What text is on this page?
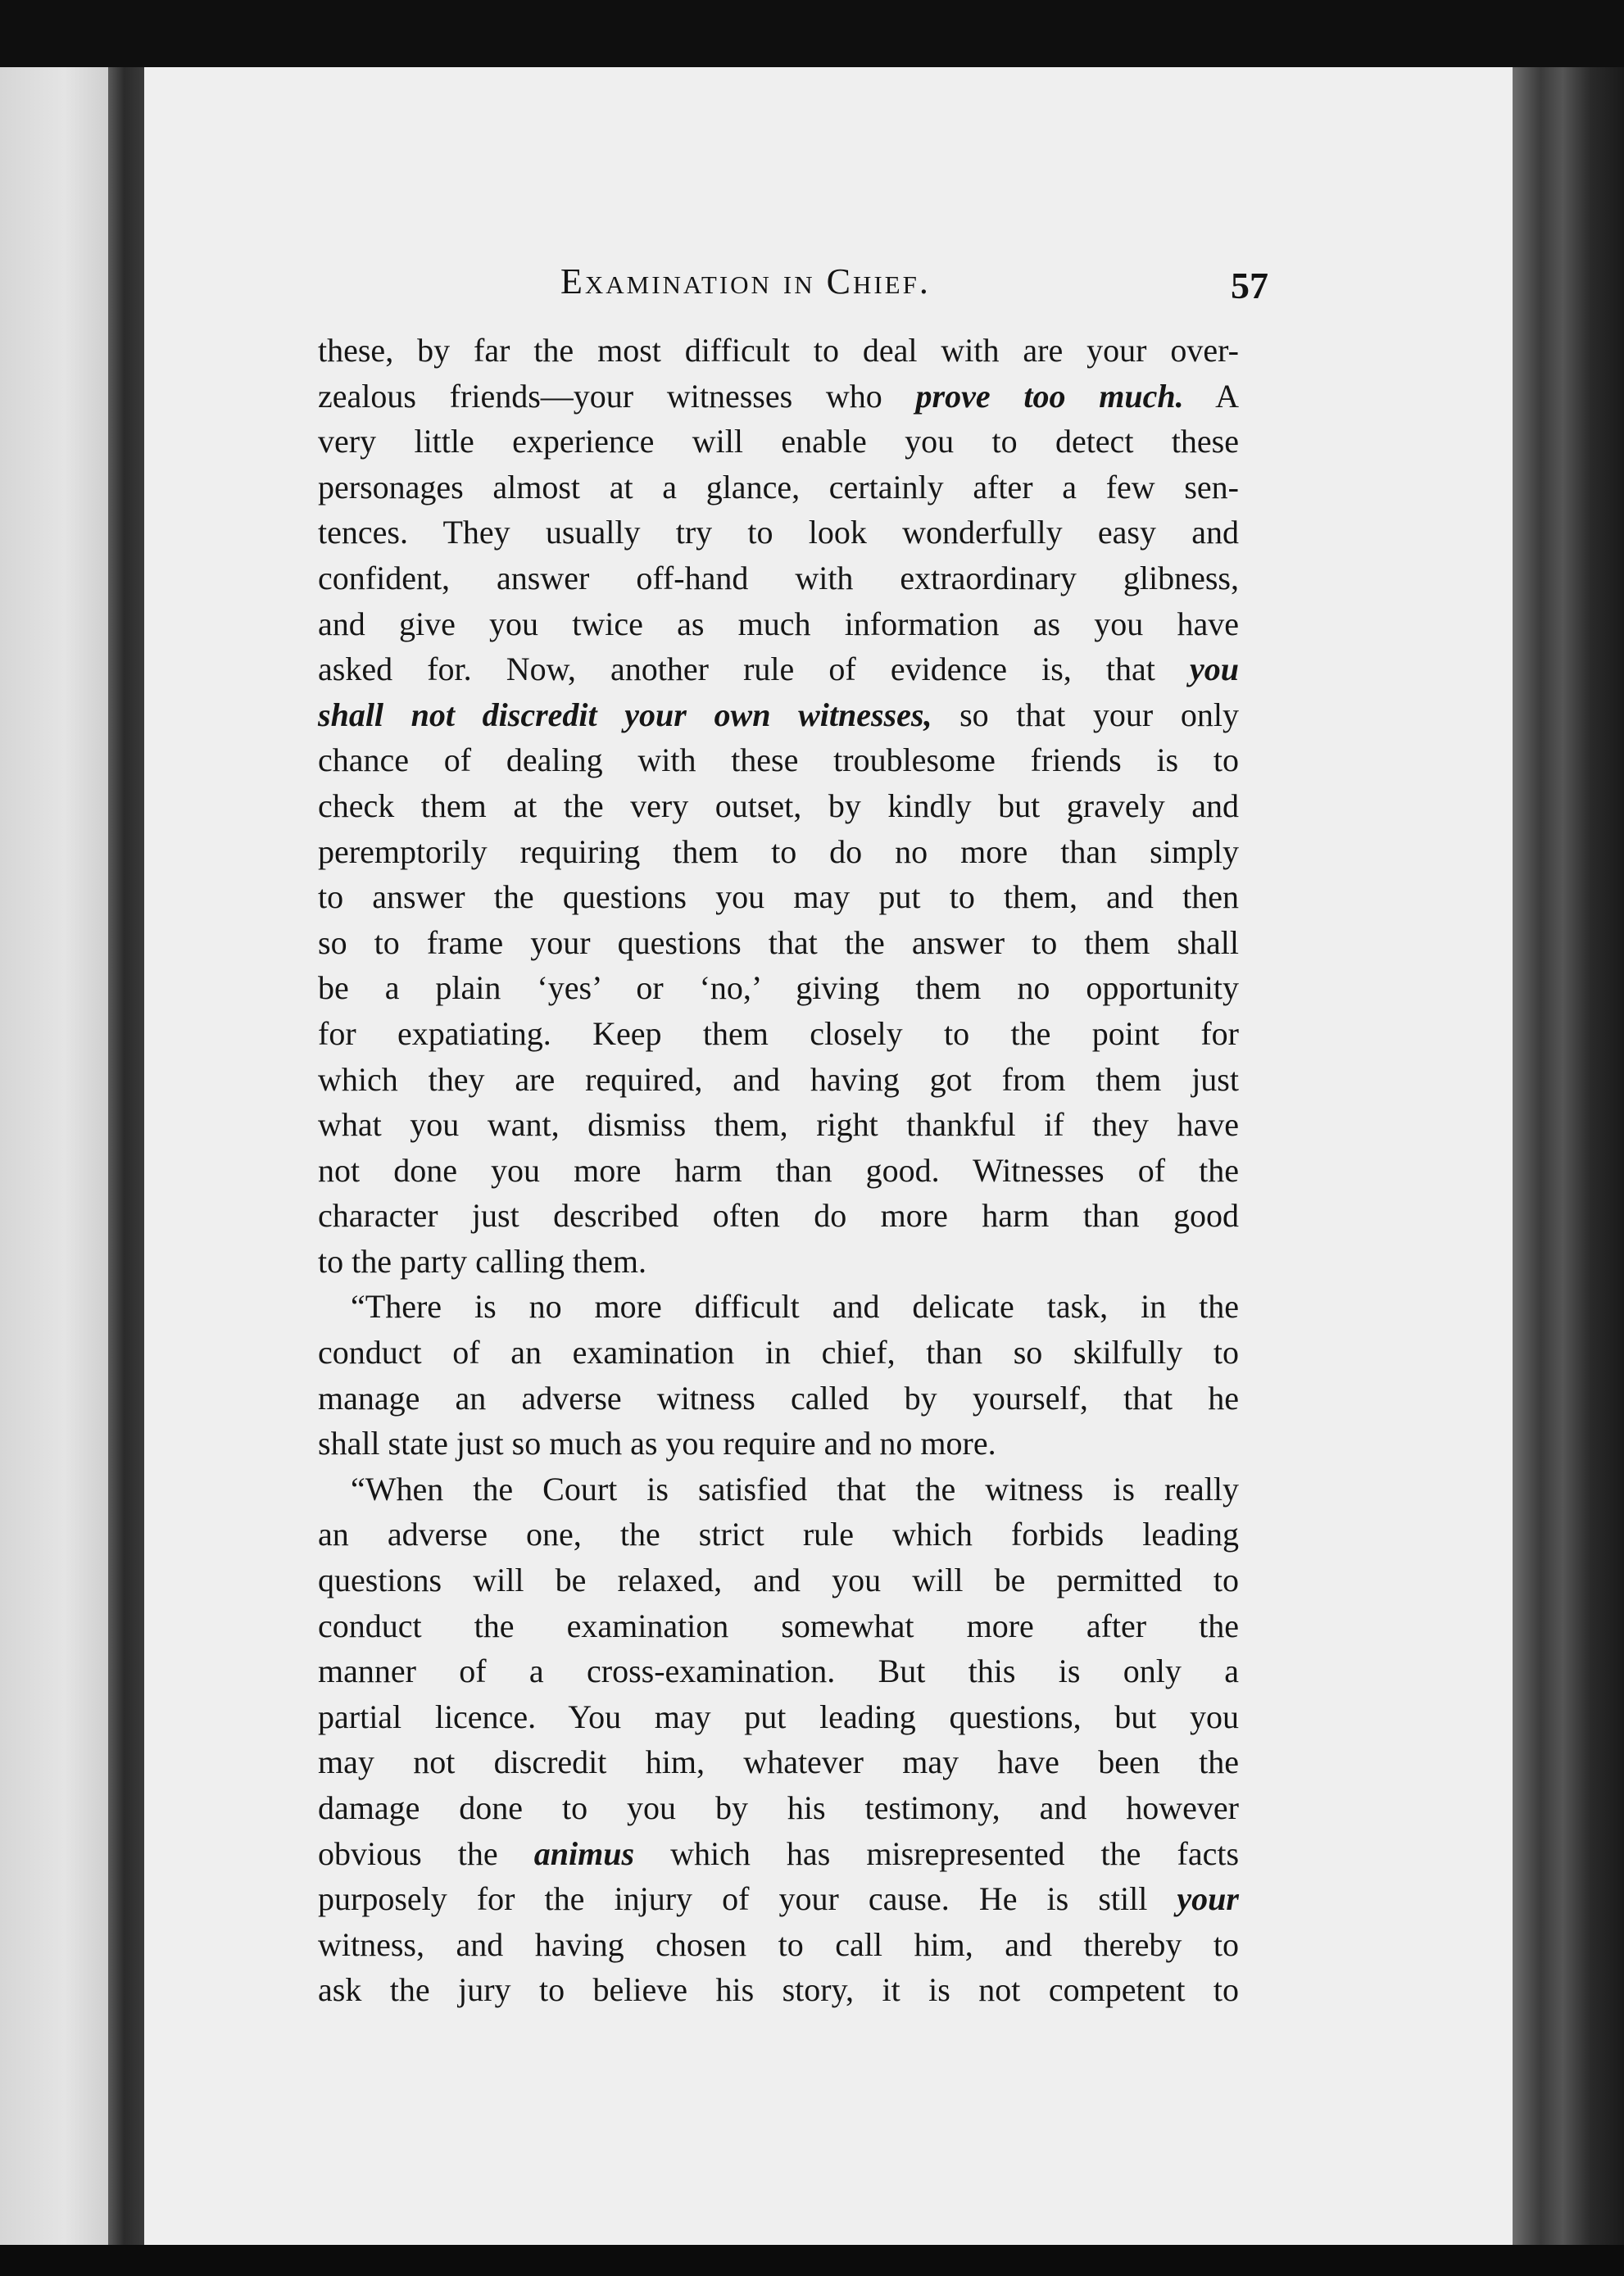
Examination in Chief.	57
these, by far the most difficult to deal with are your over-
zealous friends—your witnesses who prove too much. A
very little experience will enable you to detect these
personages almost at a glance, certainly after a few sen-
tences. They usually try to look wonderfully easy and
confident, answer off-hand with extraordinary glibness,
and give you twice as much information as you have
asked for. Now, another rule of evidence is, that you
shall not discredit your own witnesses, so that your only
chance of dealing with these troublesome friends is to
check them at the very outset, by kindly but gravely and
peremptorily requiring them to do no more than simply
to answer the questions you may put to them, and then
so to frame your questions that the answer to them shall
be a plain ‘yes’ or ‘no,’ giving them no opportunity
for expatiating. Keep them closely to the point for
which they are required, and having got from them just
what you want, dismiss them, right thankful if they have
not done you more harm than good. Witnesses of the
character just described often do more harm than good
to the party calling them.
“There is no more difficult and delicate task, in the
conduct of an examination in chief, than so skilfully to
manage an adverse witness called by yourself, that he
shall state just so much as you require and no more.
“When the Court is satisfied that the witness is really
an adverse one, the strict rule which forbids leading
questions will be relaxed, and you will be permitted to
conduct the examination somewhat more after the
manner of a cross-examination. But this is only a
partial licence. You may put leading questions, but you
may not discredit him, whatever may have been the
damage done to you by his testimony, and however
obvious the animus which has misrepresented the facts
purposely for the injury of your cause. He is still your
witness, and having chosen to call him, and thereby to
ask the jury to believe his story, it is not competent to
